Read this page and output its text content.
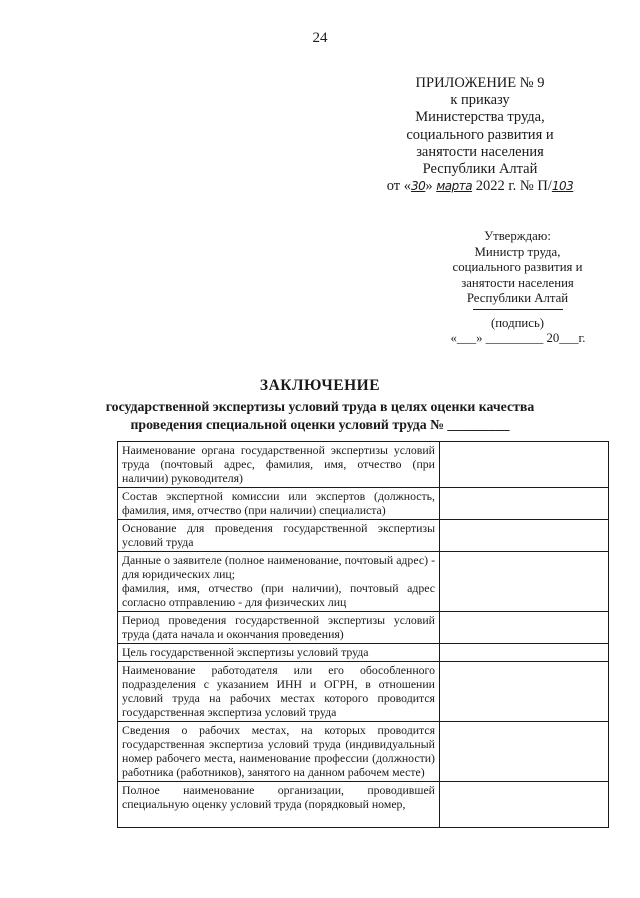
24
ПРИЛОЖЕНИЕ № 9
к приказу
Министерства труда,
социального развития и
занятости населения
Республики Алтай
от «30» марта 2022 г. № П/103
Утверждаю:
Министр труда,
социального развития и
занятости населения
Республики Алтай
(подпись)
«___» _________ 20___г.
ЗАКЛЮЧЕНИЕ
государственной экспертизы условий труда в целях оценки качества
проведения специальной оценки условий труда № _________
Наименование органа государственной экспертизы условий труда (почтовый адрес, фамилия, имя, отчество (при наличии) руководителя)	
Состав экспертной комиссии или экспертов (должность, фамилия, имя, отчество (при наличии) специалиста)	
Основание для проведения государственной экспертизы условий труда	

Данные о заявителе (полное наименование, почтовый адрес) - для юридических лиц;
фамилия, имя, отчество (при наличии), почтовый адрес согласно отправлению - для физических лиц	

Период проведения государственной экспертизы условий труда (дата начала и окончания проведения)	
Цель государственной экспертизы условий труда	
Наименование работодателя или его обособленного подразделения с указанием ИНН и ОГРН, в отношении условий труда на рабочих местах которого проводится государственная экспертиза условий труда	
Сведения о рабочих местах, на которых проводится государственная экспертиза условий труда (индивидуальный номер рабочего места, наименование профессии (должности) работника (работников), занятого на данном рабочем месте)	

Полное наименование организации, проводившей специальную оценку условий труда (порядковый номер,	
